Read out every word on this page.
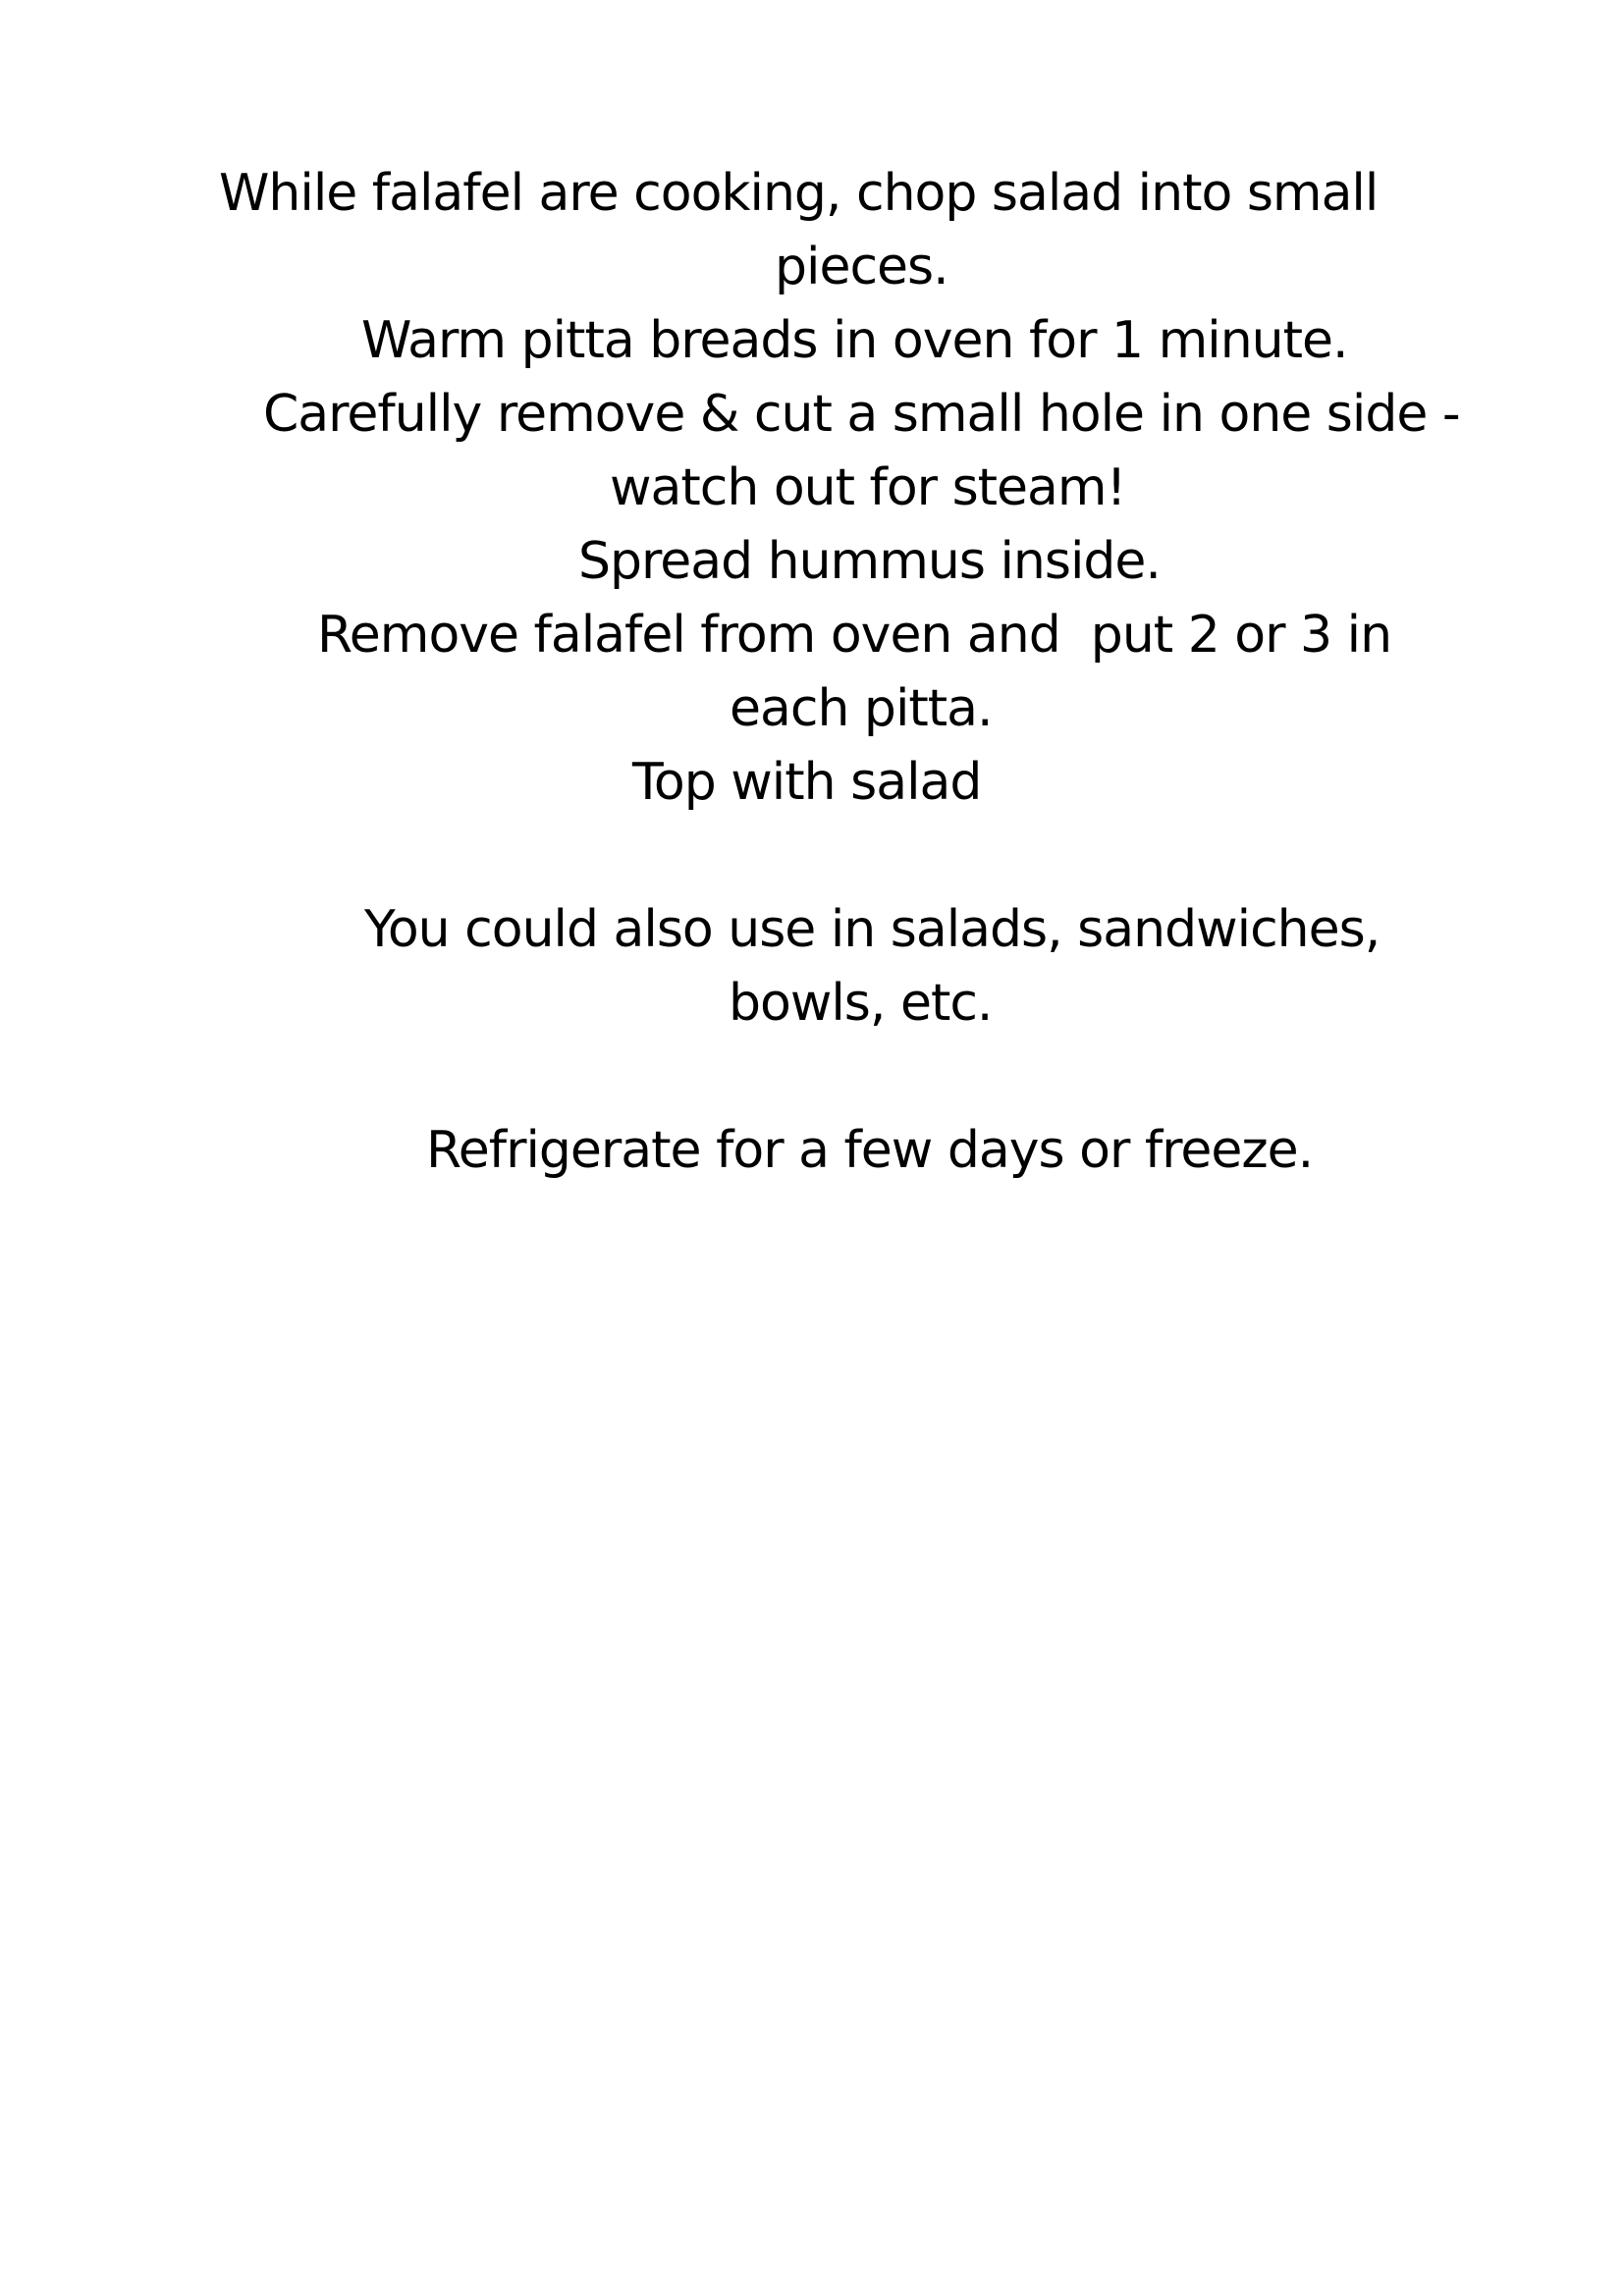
While falafel are cooking, chop salad into small

pieces.

Warm pitta breads in oven for 1 minute.

Carefully remove & cut a small hole in one side -

watch out for steam!

Spread hummus inside.

Remove falafel from oven and  put 2 or 3 in

each pitta.

Top with salad

You could also use in salads, sandwiches,

bowls, etc.

Refrigerate for a few days or freeze.
